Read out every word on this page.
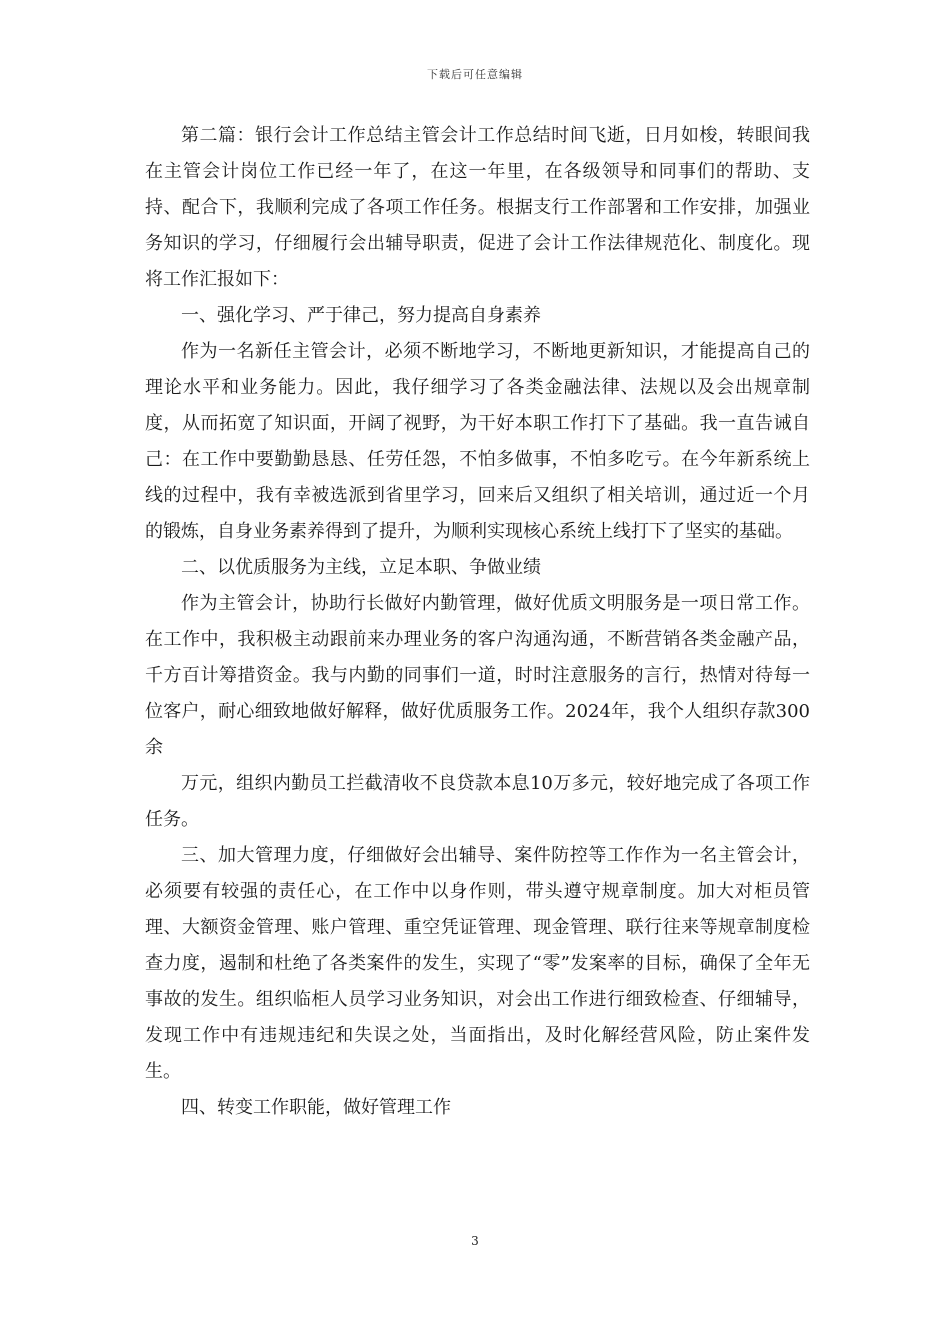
下载后可任意编辑

第二篇：银行会计工作总结主管会计工作总结时间飞逝，日月如梭，转眼间我在主管会计岗位工作已经一年了，在这一年里，在各级领导和同事们的帮助、支持、配合下，我顺利完成了各项工作任务。根据支行工作部署和工作安排，加强业务知识的学习，仔细履行会出辅导职责，促进了会计工作法律规范化、制度化。现将工作汇报如下：

一、强化学习、严于律己，努力提高自身素养

作为一名新任主管会计，必须不断地学习，不断地更新知识，才能提高自己的理论水平和业务能力。因此，我仔细学习了各类金融法律、法规以及会出规章制度，从而拓宽了知识面，开阔了视野，为干好本职工作打下了基础。我一直告诫自己：在工作中要勤勤恳恳、任劳任怨，不怕多做事，不怕多吃亏。在今年新系统上线的过程中，我有幸被选派到省里学习，回来后又组织了相关培训，通过近一个月的锻炼，自身业务素养得到了提升，为顺利实现核心系统上线打下了坚实的基础。

二、以优质服务为主线，立足本职、争做业绩

作为主管会计，协助行长做好内勤管理，做好优质文明服务是一项日常工作。在工作中，我积极主动跟前来办理业务的客户沟通沟通，不断营销各类金融产品，千方百计筹措资金。我与内勤的同事们一道，时时注意服务的言行，热情对待每一位客户，耐心细致地做好解释，做好优质服务工作。2024年，我个人组织存款300余

万元，组织内勤员工拦截清收不良贷款本息10万多元，较好地完成了各项工作任务。

三、加大管理力度，仔细做好会出辅导、案件防控等工作作为一名主管会计，必须要有较强的责任心，在工作中以身作则，带头遵守规章制度。加大对柜员管理、大额资金管理、账户管理、重空凭证管理、现金管理、联行往来等规章制度检查力度，遏制和杜绝了各类案件的发生，实现了“零”发案率的目标，确保了全年无事故的发生。组织临柜人员学习业务知识，对会出工作进行细致检查、仔细辅导，发现工作中有违规违纪和失误之处，当面指出，及时化解经营风险，防止案件发生。

四、转变工作职能，做好管理工作

3
